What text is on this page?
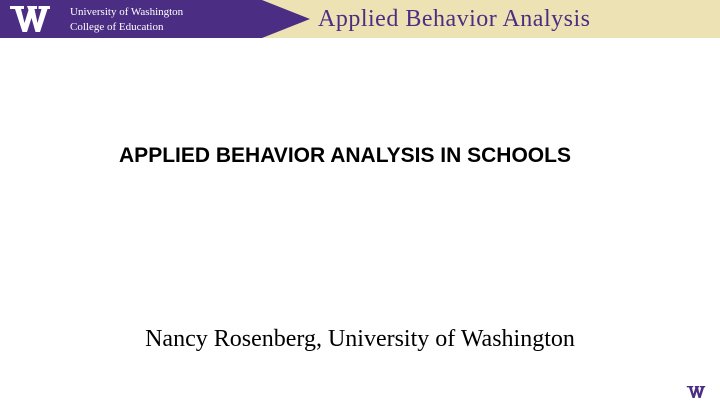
University of Washington
College of Education	Applied Behavior Analysis
APPLIED BEHAVIOR ANALYSIS IN SCHOOLS
Nancy Rosenberg, University of Washington
